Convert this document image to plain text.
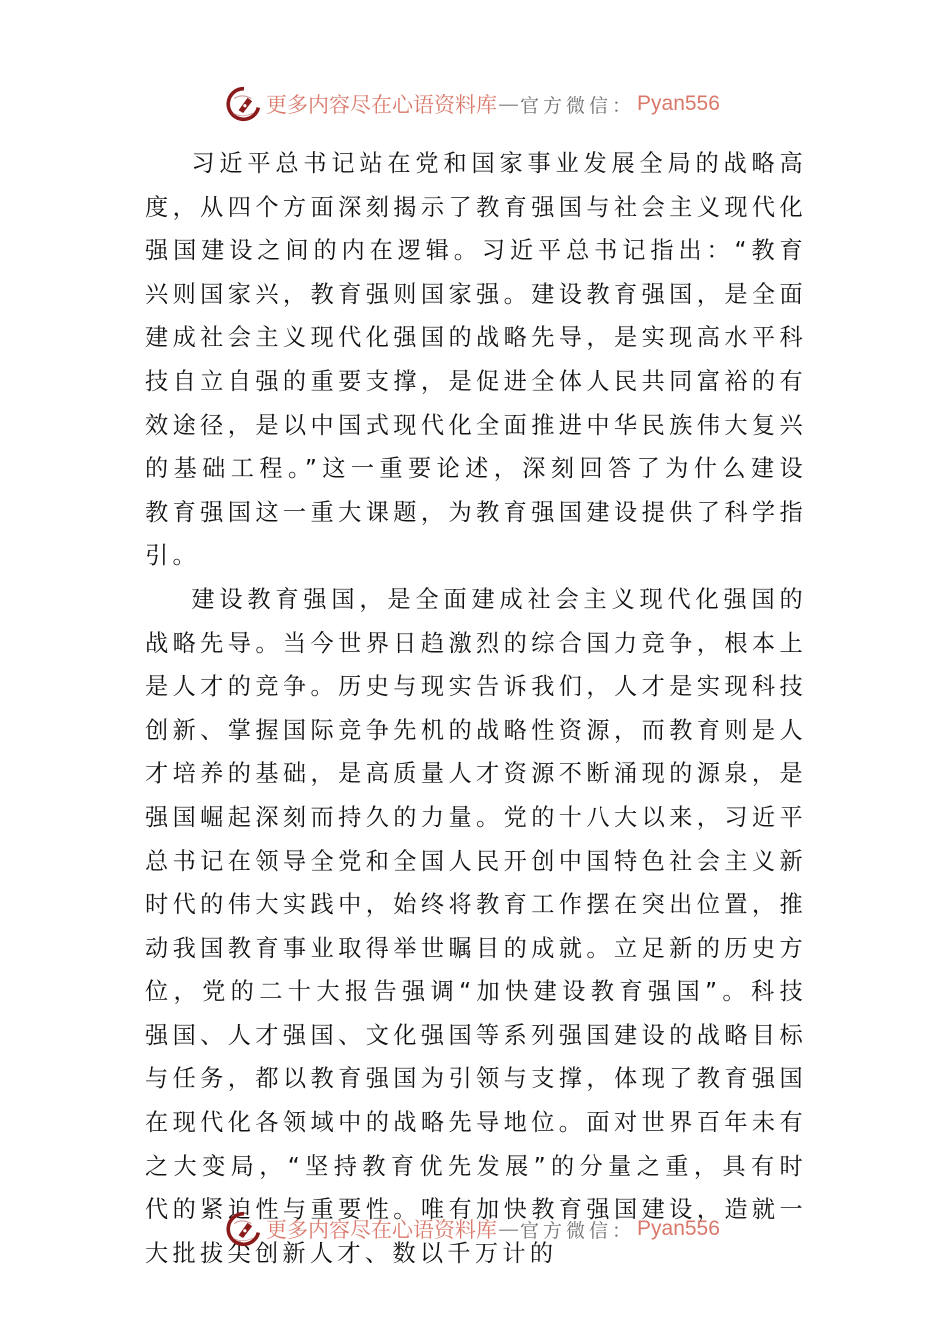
更多内容尽在心语资料库 — 官方微信： Pyan556

习近平总书记站在党和国家事业发展全局的战略高度，从四个方面深刻揭示了教育强国与社会主义现代化强国建设之间的内在逻辑。习近平总书记指出：“教育兴则国家兴，教育强则国家强。建设教育强国，是全面建成社会主义现代化强国的战略先导，是实现高水平科技自立自强的重要支撑，是促进全体人民共同富裕的有效途径，是以中国式现代化全面推进中华民族伟大复兴的基础工程。”这一重要论述，深刻回答了为什么建设教育强国这一重大课题，为教育强国建设提供了科学指引。

建设教育强国，是全面建成社会主义现代化强国的战略先导。当今世界日趋激烈的综合国力竞争，根本上是人才的竞争。历史与现实告诉我们，人才是实现科技创新、掌握国际竞争先机的战略性资源，而教育则是人才培养的基础，是高质量人才资源不断涌现的源泉，是强国崛起深刻而持久的力量。党的十八大以来，习近平总书记在领导全党和全国人民开创中国特色社会主义新时代的伟大实践中，始终将教育工作摆在突出位置，推动我国教育事业取得举世瞩目的成就。立足新的历史方位，党的二十大报告强调“加快建设教育强国”。科技强国、人才强国、文化强国等系列强国建设的战略目标与任务，都以教育强国为引领与支撑，体现了教育强国在现代化各领域中的战略先导地位。面对世界百年未有之大变局，“坚持教育优先发展”的分量之重，具有时代的紧迫性与重要性。唯有加快教育强国建设，造就一大批拔尖创新人才、数以千万计的

更多内容尽在心语资料库 — 官方微信： Pyan556
